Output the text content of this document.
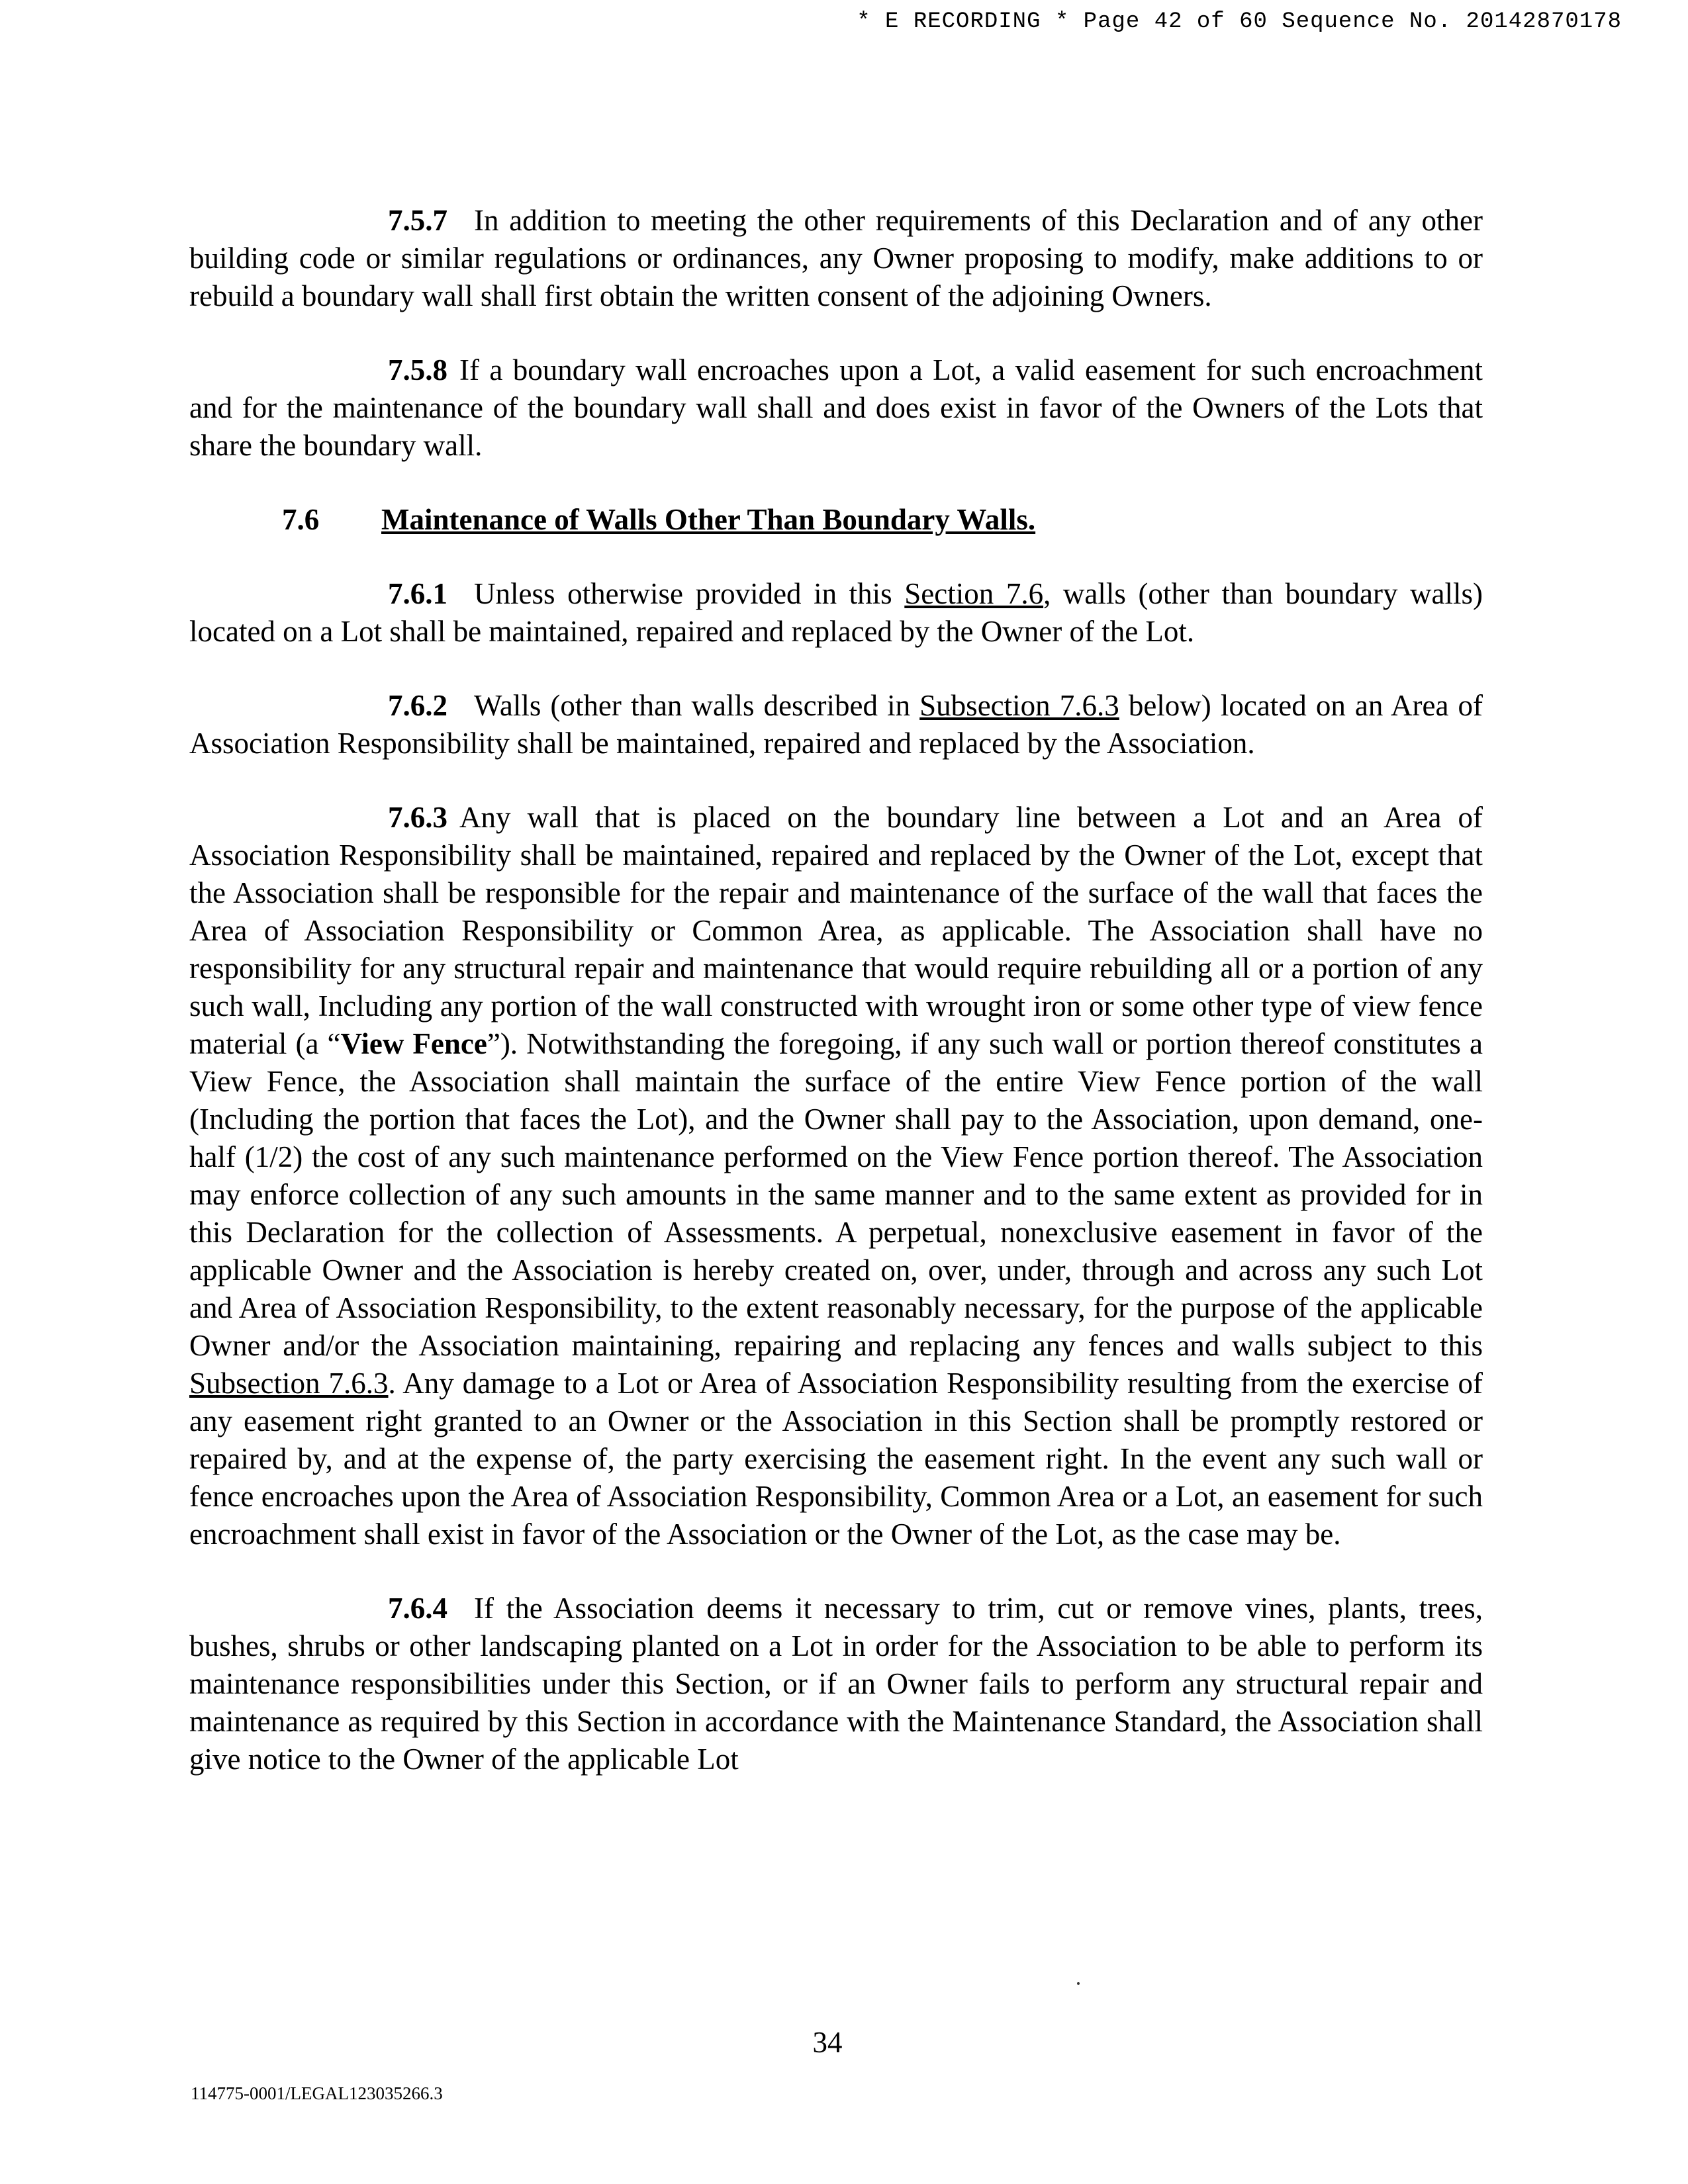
* E RECORDING * Page 42 of 60 Sequence No. 20142870178

7.5.7 In addition to meeting the other requirements of this Declaration and of any other building code or similar regulations or ordinances, any Owner proposing to modify, make additions to or rebuild a boundary wall shall first obtain the written consent of the adjoining Owners.

7.5.8 If a boundary wall encroaches upon a Lot, a valid easement for such encroachment and for the maintenance of the boundary wall shall and does exist in favor of the Owners of the Lots that share the boundary wall.

7.6 Maintenance of Walls Other Than Boundary Walls.

7.6.1 Unless otherwise provided in this Section 7.6, walls (other than boundary walls) located on a Lot shall be maintained, repaired and replaced by the Owner of the Lot.

7.6.2 Walls (other than walls described in Subsection 7.6.3 below) located on an Area of Association Responsibility shall be maintained, repaired and replaced by the Association.

7.6.3 Any wall that is placed on the boundary line between a Lot and an Area of Association Responsibility shall be maintained, repaired and replaced by the Owner of the Lot, except that the Association shall be responsible for the repair and maintenance of the surface of the wall that faces the Area of Association Responsibility or Common Area, as applicable. The Association shall have no responsibility for any structural repair and maintenance that would require rebuilding all or a portion of any such wall, Including any portion of the wall constructed with wrought iron or some other type of view fence material (a “View Fence”). Notwithstanding the foregoing, if any such wall or portion thereof constitutes a View Fence, the Association shall maintain the surface of the entire View Fence portion of the wall (Including the portion that faces the Lot), and the Owner shall pay to the Association, upon demand, one-half (1/2) the cost of any such maintenance performed on the View Fence portion thereof. The Association may enforce collection of any such amounts in the same manner and to the same extent as provided for in this Declaration for the collection of Assessments. A perpetual, nonexclusive easement in favor of the applicable Owner and the Association is hereby created on, over, under, through and across any such Lot and Area of Association Responsibility, to the extent reasonably necessary, for the purpose of the applicable Owner and/or the Association maintaining, repairing and replacing any fences and walls subject to this Subsection 7.6.3. Any damage to a Lot or Area of Association Responsibility resulting from the exercise of any easement right granted to an Owner or the Association in this Section shall be promptly restored or repaired by, and at the expense of, the party exercising the easement right. In the event any such wall or fence encroaches upon the Area of Association Responsibility, Common Area or a Lot, an easement for such encroachment shall exist in favor of the Association or the Owner of the Lot, as the case may be.

7.6.4 If the Association deems it necessary to trim, cut or remove vines, plants, trees, bushes, shrubs or other landscaping planted on a Lot in order for the Association to be able to perform its maintenance responsibilities under this Section, or if an Owner fails to perform any structural repair and maintenance as required by this Section in accordance with the Maintenance Standard, the Association shall give notice to the Owner of the applicable Lot

34
114775-0001/LEGAL123035266.3
